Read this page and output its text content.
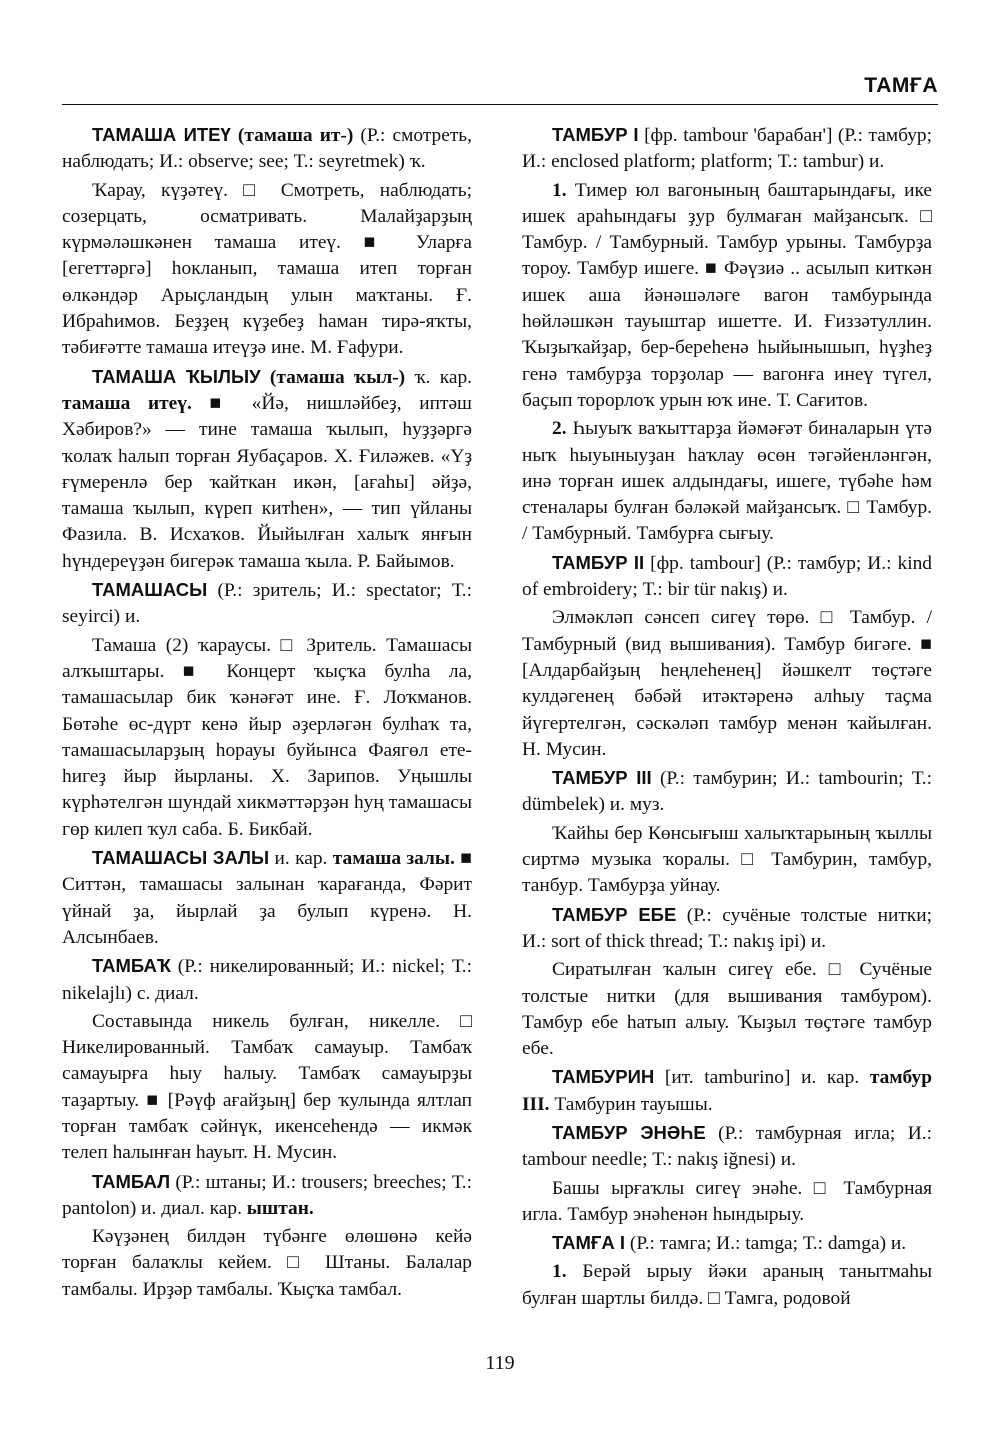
ТАМҒА

ТАМАША ИТЕҮ (тамаша ит-) (Р.: смотреть, наблюдать; И.: observe; see; Т.: seyretmek) ҡ.

Ҡарау, күҙәтеү. □ Смотреть, наблюдать; созерцать, осматривать. Малайҙарҙың күрмәләшкәнен тамаша итеү. ■ Уларға [егеттәргә] һокланып, тамаша итеп торған өлкәндәр Арыҫландың улын маҡтаны. Ғ. Ибраһимов. Беҙҙең күҙебеҙ һаман тирә-яҡты, тәбиғәтте тамаша итеүҙә ине. М. Ғафури.

ТАМАША ҠЫЛЫУ (тамаша ҡыл-) ҡ. кар. тамаша итеү. ■ «Йә, нишләйбеҙ, иптәш Хәбиров?» — тине тамаша ҡылып, һуҙҙәргә ҡолаҡ һалып торған Яубаҫаров. Х. Ғиләжев. «Үҙ ғүмеренлә бер ҡайткан икән, [ағаһы] әйҙә, тамаша ҡылып, күреп китһен», — тип үйланы Фазила. В. Исхаҡов. Йыйылған халыҡ янғын һүндереүҙән бигерәк тамаша ҡыла. Р. Байымов.

ТАМАШАСЫ (Р.: зритель; И.: spectator; Т.: seyirci) и.

Тамаша (2) ҡараусы. □ Зритель. Тамашасы алҡыштары. ■ Концерт ҡыҫҡа булһа ла, тамашасылар бик ҡәнәғәт ине. Ғ. Лоҡманов. Бөтәһе өс-дүрт кенә йыр әҙерләгән булһаҡ та, тамашасыларҙың һорауы буйынса Фаягөл ете-һигеҙ йыр йырланы. Х. Зарипов. Уңышлы күрһәтелгән шундай хикмәттәрҙән һуң тамашасы гөр килеп ҡул саба. Б. Бикбай.

ТАМАШАСЫ ЗАЛЫ и. кар. тамаша залы. ■ Ситтән, тамашасы залынан ҡарағанда, Фәрит үйнай ҙа, йырлай ҙа булып күренә. Н. Алсынбаев.

ТАМБАҠ (Р.: никелированный; И.: nickel; Т.: nikelajlı) с. диал.

Составында никель булған, никелле. □ Никелированный. Тамбаҡ самауыр. Тамбаҡ самауырға һыу һалыу. Тамбаҡ самауырҙы таҙартыу. ■ [Рәүф ағайҙың] бер ҡулында ялтлап торған тамбаҡ сәйнүк, икенсеһендә — икмәк телеп һалынған һауыт. Н. Мусин.

ТАМБАЛ (Р.: штаны; И.: trousers; breeches; Т.: pantolon) и. диал. кар. ыштан.

Кәүҙәнең билдән түбәнге өлөшөнә кейә торған балаҡлы кейем. □ Штаны. Балалар тамбалы. Ирҙәр тамбалы. Ҡыҫҡа тамбал.

ТАМБУР I [фр. tambour 'барабан'] (Р.: тамбур; И.: enclosed platform; platform; Т.: tambur) и.

1. Тимер юл вагонының баштарындағы, ике ишек араһындағы ҙур булмаған майҙансыҡ. □ Тамбур. / Тамбурный. Тамбур урыны. Тамбурҙа тороу. Тамбур ишеге. ■ Фәүзиә .. асылып киткән ишек аша йәнәшәләге вагон тамбурында һөйләшкән тауыштар ишетте. И. Ғиззәтуллин. Ҡыҙыҡайҙар, бер-береһенә һыйынышып, һүҙһеҙ генә тамбурҙа торҙолар — вагонға инеү түгел, баҫып торорлоҡ урын юҡ ине. Т. Сағитов.

2. Һыуыҡ ваҡыттарҙа йәмәғәт биналарын үтә ныҡ һыуыныуҙан һаҡлау өсөн тәгәйенләнгән, инә торған ишек алдындағы, ишеге, түбәһе һәм стеналары булған бәләкәй майҙансыҡ. □ Тамбур. / Тамбурный. Тамбурға сығыу.

ТАМБУР II [фр. tambour] (Р.: тамбур; И.: kind of embroidery; Т.: bir tür nakış) и.

Элмәкләп сәнсеп сигеү төрө. □ Тамбур. / Тамбурный (вид вышивания). Тамбур бигәге. ■ [Алдарбайҙың һеңлеһенең] йәшкелт төҫтәге кулдәгенең бәбәй итәктәренә алһыу таҫма йүгертелгән, сәскәләп тамбур менән ҡайылған. Н. Мусин.

ТАМБУР III (Р.: тамбурин; И.: tambourin; Т.: dümbelek) и. муз.

Ҡайһы бер Көнсығыш халыҡтарының ҡыллы сиртмә музыка ҡоралы. □ Тамбурин, тамбур, танбур. Тамбурҙа уйнау.

ТАМБУР ЕБЕ (Р.: сучёные толстые нитки; И.: sort of thick thread; Т.: nakış ipi) и.

Сиратылған ҡалын сигеү ебе. □ Сучёные толстые нитки (для вышивания тамбуром). Тамбур ебе һатып алыу. Ҡыҙыл төҫтәге тамбур ебе.

ТАМБУРИН [ит. tamburino] и. кар. тамбур III. Тамбурин тауышы.

ТАМБУР ЭНӘҺЕ (Р.: тамбурная игла; И.: tambour needle; Т.: nakış iğnesi) и.

Башы ырғаҡлы сигеү энәһе. □ Тамбурная игла. Тамбур энәһенән һындырыу.

ТАМҒА I (Р.: тамга; И.: tamga; Т.: damga) и.

1. Берәй ырыу йәки араның танытмаһы булған шартлы билдә. □ Тамга, родовой

119
